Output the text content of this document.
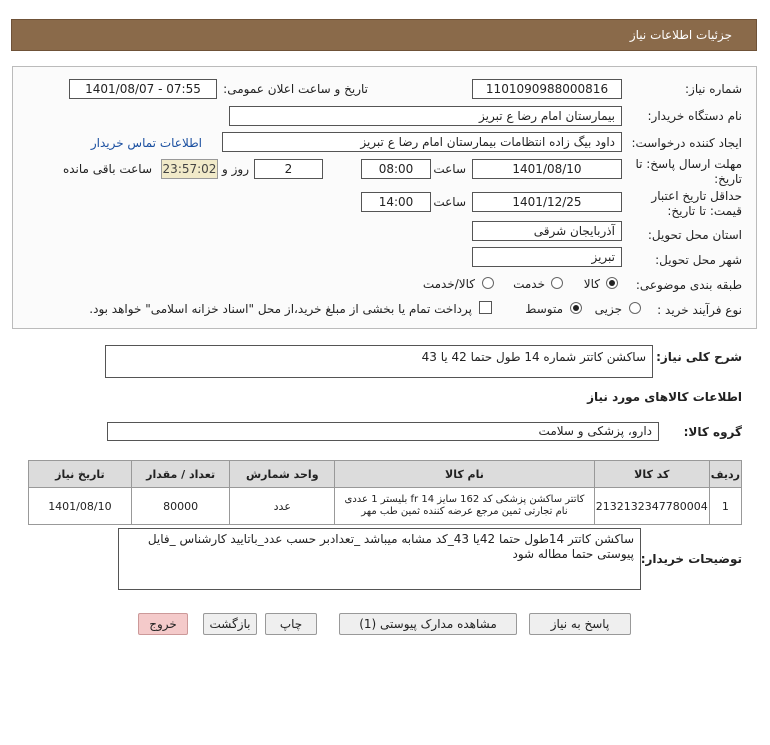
جزئیات اطلاعات نیاز
شماره نیاز:
1101090988000816
تاریخ و ساعت اعلان عمومی:
1401/08/07 - 07:55
نام دستگاه خریدار:
بیمارستان امام رضا ع تبریز
ایجاد کننده درخواست:
داود بیگ زاده انتظامات بیمارستان امام رضا ع تبریز
اطلاعات تماس خریدار
مهلت ارسال پاسخ: تا
تاریخ:
1401/08/10
ساعت
08:00
2
روز و
23:57:02
ساعت باقی مانده
حداقل تاریخ اعتبار
قیمت: تا تاریخ:
1401/12/25
ساعت
14:00
استان محل تحویل:
آذربایجان شرقی
شهر محل تحویل:
تبریز
طبقه بندی موضوعی:
کالا
خدمت
کالا/خدمت
نوع فرآیند خرید :
جزیی
متوسط
پرداخت تمام یا بخشی از مبلغ خرید،از محل "اسناد خزانه اسلامی" خواهد بود.
شرح کلی نیاز:
ساکشن کاتتر شماره 14 طول حتما 42 یا 43
اطلاعات کالاهای مورد نیاز
گروه کالا:
دارو، پزشکی و سلامت
ردیف	کد کالا	نام کالا	واحد شمارش	تعداد / مقدار	تاریخ نیاز
1	2132132347780004	کاتتر ساکشن پزشکی کد 162 سایز 14 fr بلیستر 1 عددی نام تجارتی ثمین مرجع عرضه کننده ثمین طب مهر	عدد	80000	1401/08/10
توضیحات خریدار:
ساکشن کاتتر 14طول حتما 42یا 43_کد مشابه میباشد _تعدادبر حسب عدد_باتایید کارشناس _فایل پیوستی حتما مطاله شود
پاسخ به نیاز
مشاهده مدارک پیوستی (1)
چاپ
بازگشت
خروج
